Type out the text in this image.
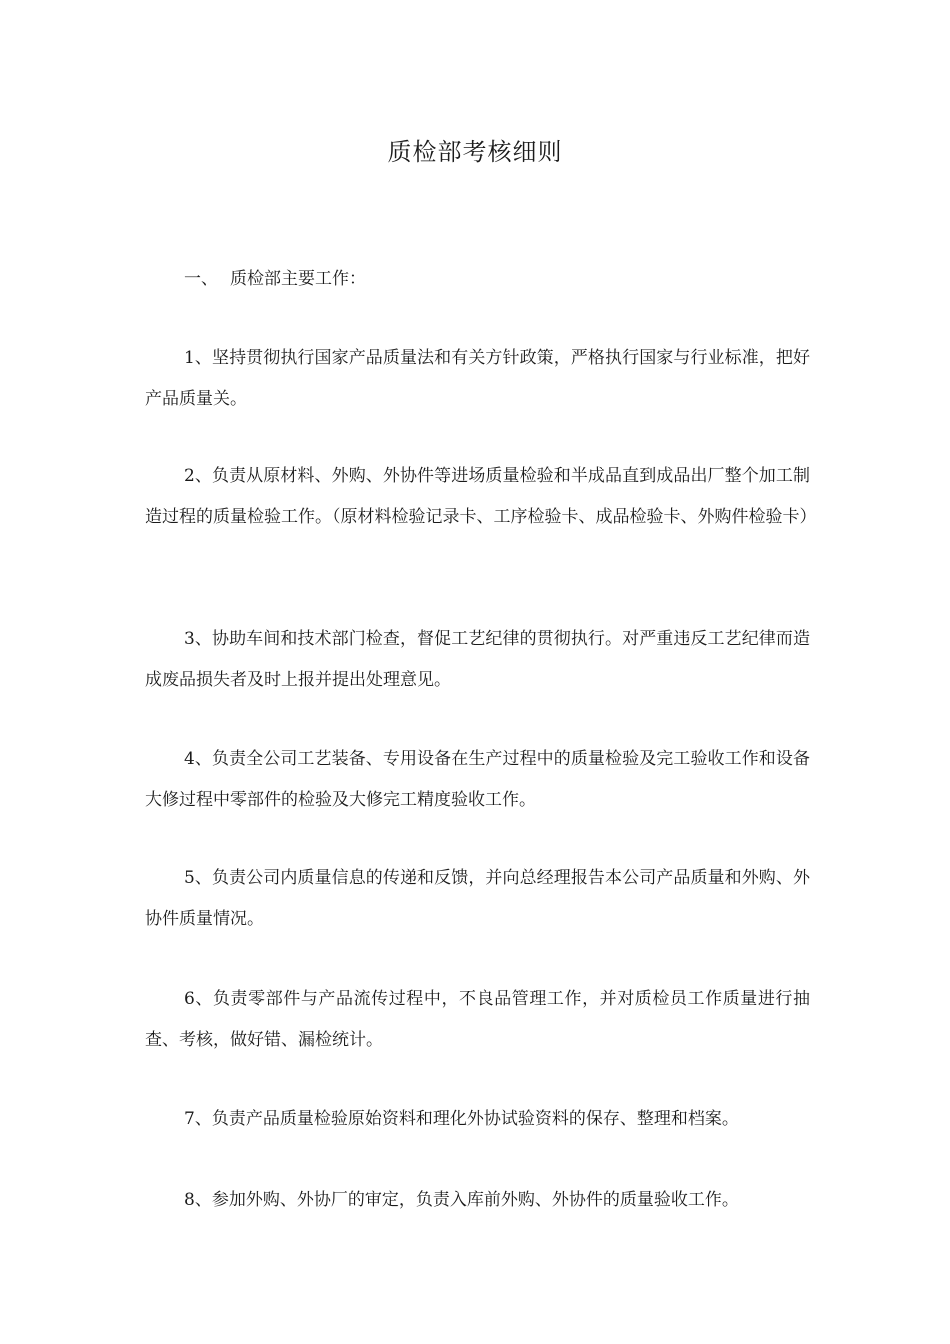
质检部考核细则
一、 质检部主要工作：

1、坚持贯彻执行国家产品质量法和有关方针政策，严格执行国家与行业标准，把好产品质量关。

2、负责从原材料、外购、外协件等进场质量检验和半成品直到成品出厂整个加工制造过程的质量检验工作。（原材料检验记录卡、工序检验卡、成品检验卡、外购件检验卡）

3、协助车间和技术部门检查，督促工艺纪律的贯彻执行。对严重违反工艺纪律而造成废品损失者及时上报并提出处理意见。

4、负责全公司工艺装备、专用设备在生产过程中的质量检验及完工验收工作和设备大修过程中零部件的检验及大修完工精度验收工作。

5、负责公司内质量信息的传递和反馈，并向总经理报告本公司产品质量和外购、外协件质量情况。

6、负责零部件与产品流传过程中，不良品管理工作，并对质检员工作质量进行抽查、考核，做好错、漏检统计。

7、负责产品质量检验原始资料和理化外协试验资料的保存、整理和档案。

8、参加外购、外协厂的审定，负责入库前外购、外协件的质量验收工作。
